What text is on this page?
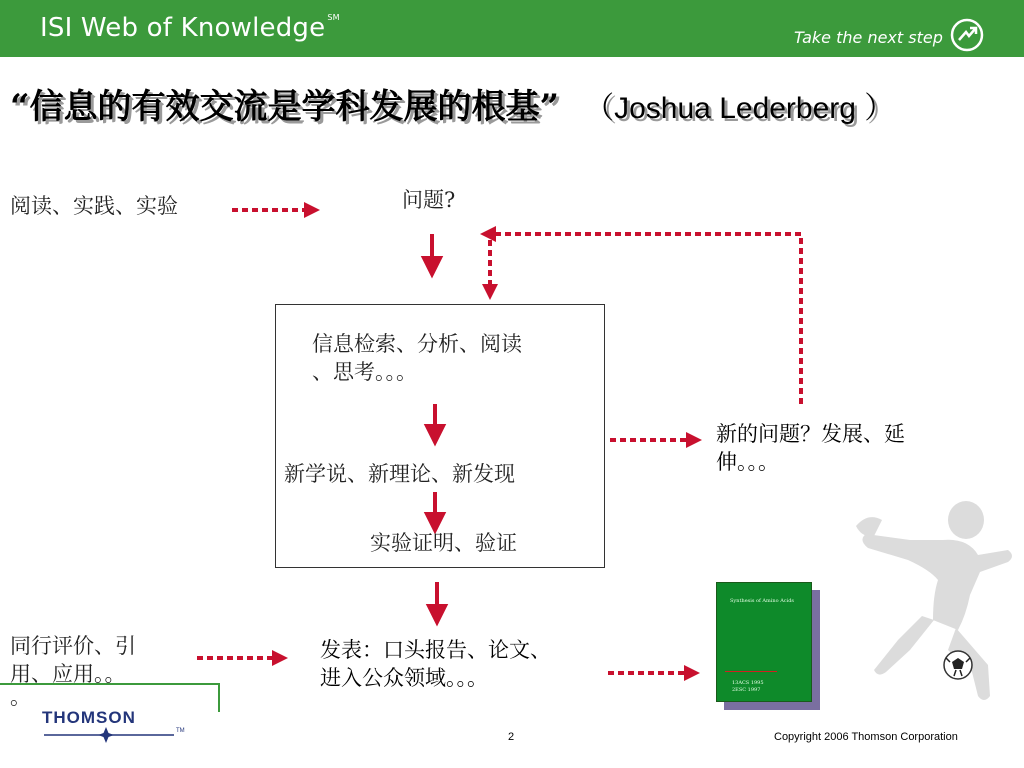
ISI Web of Knowledge ℠
Take the next step
“信息的有效交流是学科发展的根基” （Joshua Lederberg ）
阅读、实践、实验	问题?
信息检索、分析、阅读
、思考。。。
新学说、新理论、新发现
实验证明、验证
新的问题？发展、延
伸。。。
发表：口头报告、论文、
进入公众领域。。。
同行评价、引
用、应用。。
。
Synthesis of Amino Acids
13ACS 1995
2ESC 1997
THOMSON
TM	2	Copyright 2006 Thomson Corporation
